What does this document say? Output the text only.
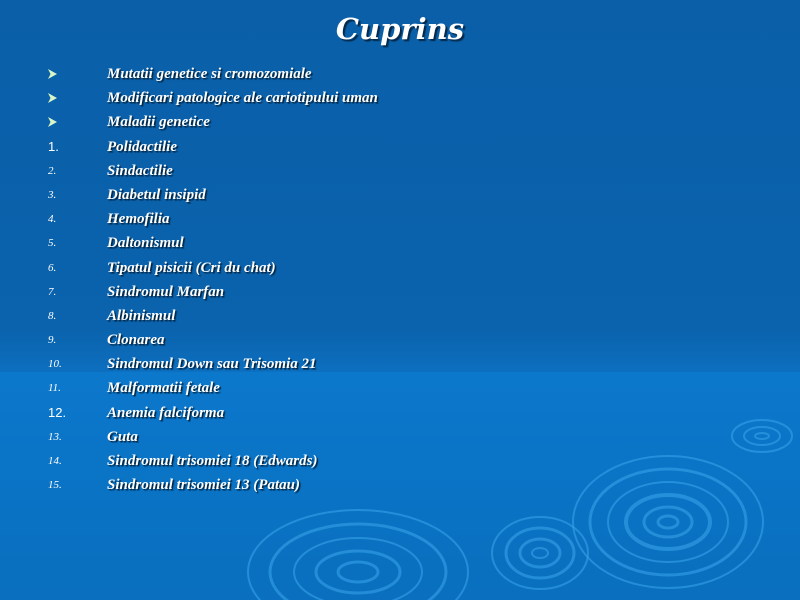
Cuprins
Mutatii genetice si cromozomiale
Modificari patologice ale cariotipului uman
Maladii genetice
1.	Polidactilie
2.	Sindactilie
3.	Diabetul insipid
4.	Hemofilia
5.	Daltonismul
6.	Tipatul pisicii (Cri du chat)
7.	Sindromul Marfan
8.	Albinismul
9.	Clonarea
10.	Sindromul Down sau Trisomia 21
11.	Malformatii fetale
12.	Anemia falciforma
13.	Guta
14.	Sindromul trisomiei 18 (Edwards)
15.	Sindromul trisomiei 13 (Patau)
